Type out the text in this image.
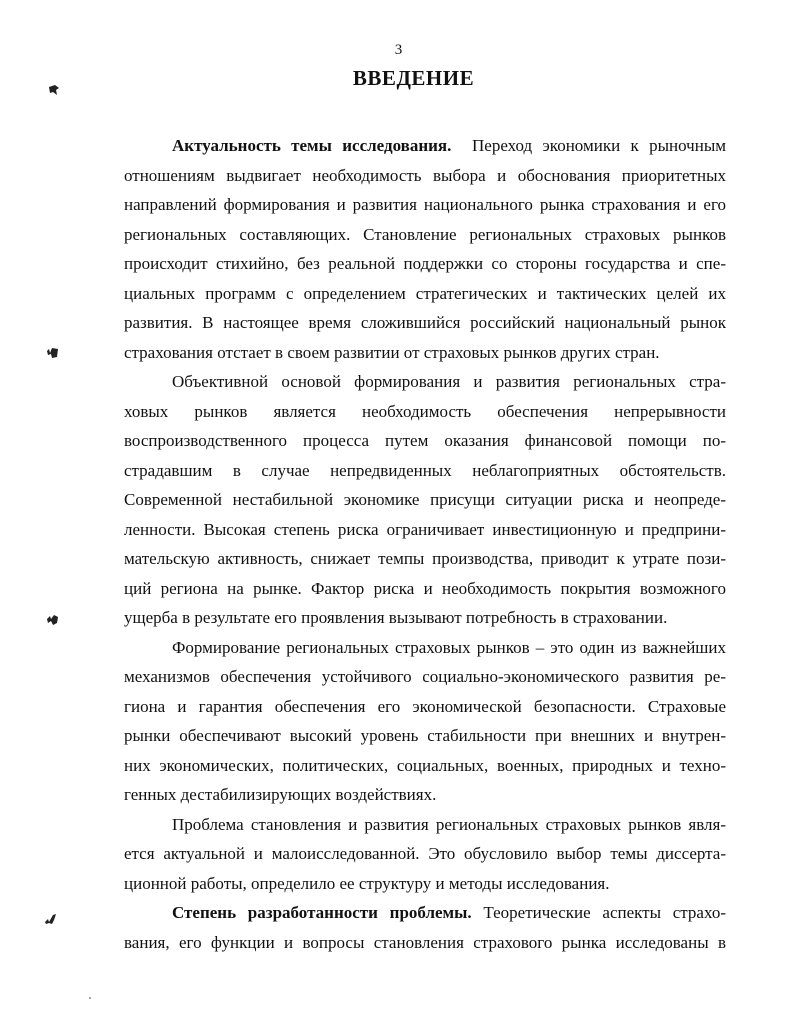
3
ВВЕДЕНИЕ
Актуальность темы исследования. Переход экономики к рыночным
отношениям выдвигает необходимость выбора и обоснования приоритетных
направлений формирования и развития национального рынка страхования и его
региональных составляющих. Становление региональных страховых рынков
происходит стихийно, без реальной поддержки со стороны государства и спе-
циальных программ с определением стратегических и тактических целей их
развития. В настоящее время сложившийся российский национальный рынок
страхования отстает в своем развитии от страховых рынков других стран.
Объективной основой формирования и развития региональных стра-
ховых рынков является необходимость обеспечения непрерывности
воспроизводственного процесса путем оказания финансовой помощи по-
страдавшим в случае непредвиденных неблагоприятных обстоятельств.
Современной нестабильной экономике присущи ситуации риска и неопреде-
ленности. Высокая степень риска ограничивает инвестиционную и предприни-
мательскую активность, снижает темпы производства, приводит к утрате пози-
ций региона на рынке. Фактор риска и необходимость покрытия возможного
ущерба в результате его проявления вызывают потребность в страховании.
Формирование региональных страховых рынков – это один из важнейших
механизмов обеспечения устойчивого социально-экономического развития ре-
гиона и гарантия обеспечения его экономической безопасности. Страховые
рынки обеспечивают высокий уровень стабильности при внешних и внутрен-
них экономических, политических, социальных, военных, природных и техно-
генных дестабилизирующих воздействиях.
Проблема становления и развития региональных страховых рынков явля-
ется актуальной и малоисследованной. Это обусловило выбор темы диссерта-
ционной работы, определило ее структуру и методы исследования.
Степень разработанности проблемы. Теоретические аспекты страхо-
вания, его функции и вопросы становления страхового рынка исследованы в
